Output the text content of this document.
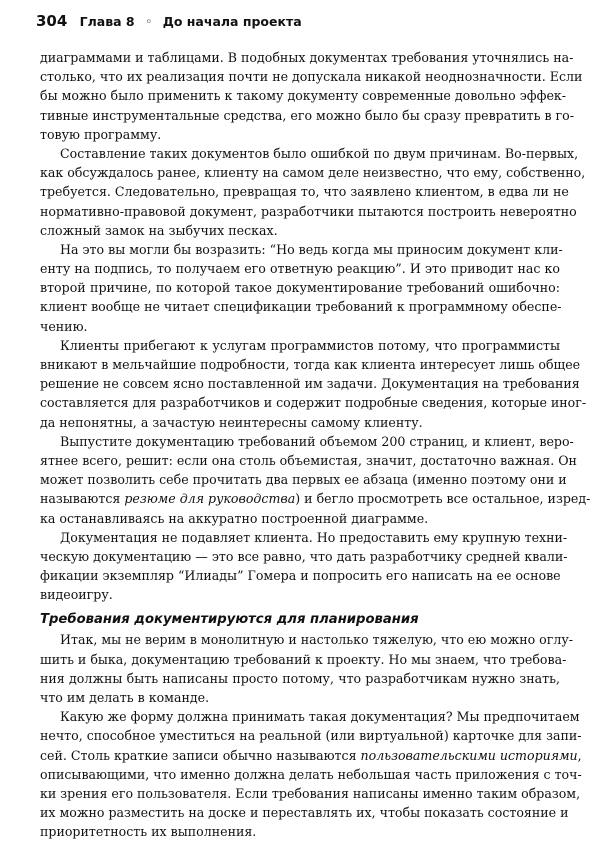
304 Глава 8 ◦ До начала проекта
диаграммами и таблицами. В подобных документах требования уточнялись на-
столько, что их реализация почти не допускала никакой неоднозначности. Если
бы можно было применить к такому документу современные довольно эффек-
тивные инструментальные средства, его можно было бы сразу превратить в го-
товую программу.
Составление таких документов было ошибкой по двум причинам. Во-первых,
как обсуждалось ранее, клиенту на самом деле неизвестно, что ему, собственно,
требуется. Следовательно, превращая то, что заявлено клиентом, в едва ли не
нормативно-правовой документ, разработчики пытаются построить невероятно
сложный замок на зыбучих песках.
На это вы могли бы возразить: “Но ведь когда мы приносим документ кли-
енту на подпись, то получаем его ответную реакцию”. И это приводит нас ко
второй причине, по которой такое документирование требований ошибочно:
клиент вообще не читает спецификации требований к программному обеспе-
чению.
Клиенты прибегают к услугам программистов потому, что программисты
вникают в мельчайшие подробности, тогда как клиента интересует лишь общее
решение не совсем ясно поставленной им задачи. Документация на требования
составляется для разработчиков и содержит подробные сведения, которые иног-
да непонятны, а зачастую неинтересны самому клиенту.
Выпустите документацию требований объемом 200 страниц, и клиент, веро-
ятнее всего, решит: если она столь объемистая, значит, достаточно важная. Он
может позволить себе прочитать два первых ее абзаца (именно поэтому они и
называются резюме для руководства) и бегло просмотреть все остальное, изред-
ка останавливаясь на аккуратно построенной диаграмме.
Документация не подавляет клиента. Но предоставить ему крупную техни-
ческую документацию — это все равно, что дать разработчику средней квали-
фикации экземпляр “Илиады” Гомера и попросить его написать на ее основе
видеоигру.
Требования документируются для планирования
Итак, мы не верим в монолитную и настолько тяжелую, что ею можно оглу-
шить и быка, документацию требований к проекту. Но мы знаем, что требова-
ния должны быть написаны просто потому, что разработчикам нужно знать,
что им делать в команде.
Какую же форму должна принимать такая документация? Мы предпочитаем
нечто, способное уместиться на реальной (или виртуальной) карточке для запи-
сей. Столь краткие записи обычно называются пользовательскими историями,
описывающими, что именно должна делать небольшая часть приложения с точ-
ки зрения его пользователя. Если требования написаны именно таким образом,
их можно разместить на доске и переставлять их, чтобы показать состояние и
приоритетность их выполнения.
